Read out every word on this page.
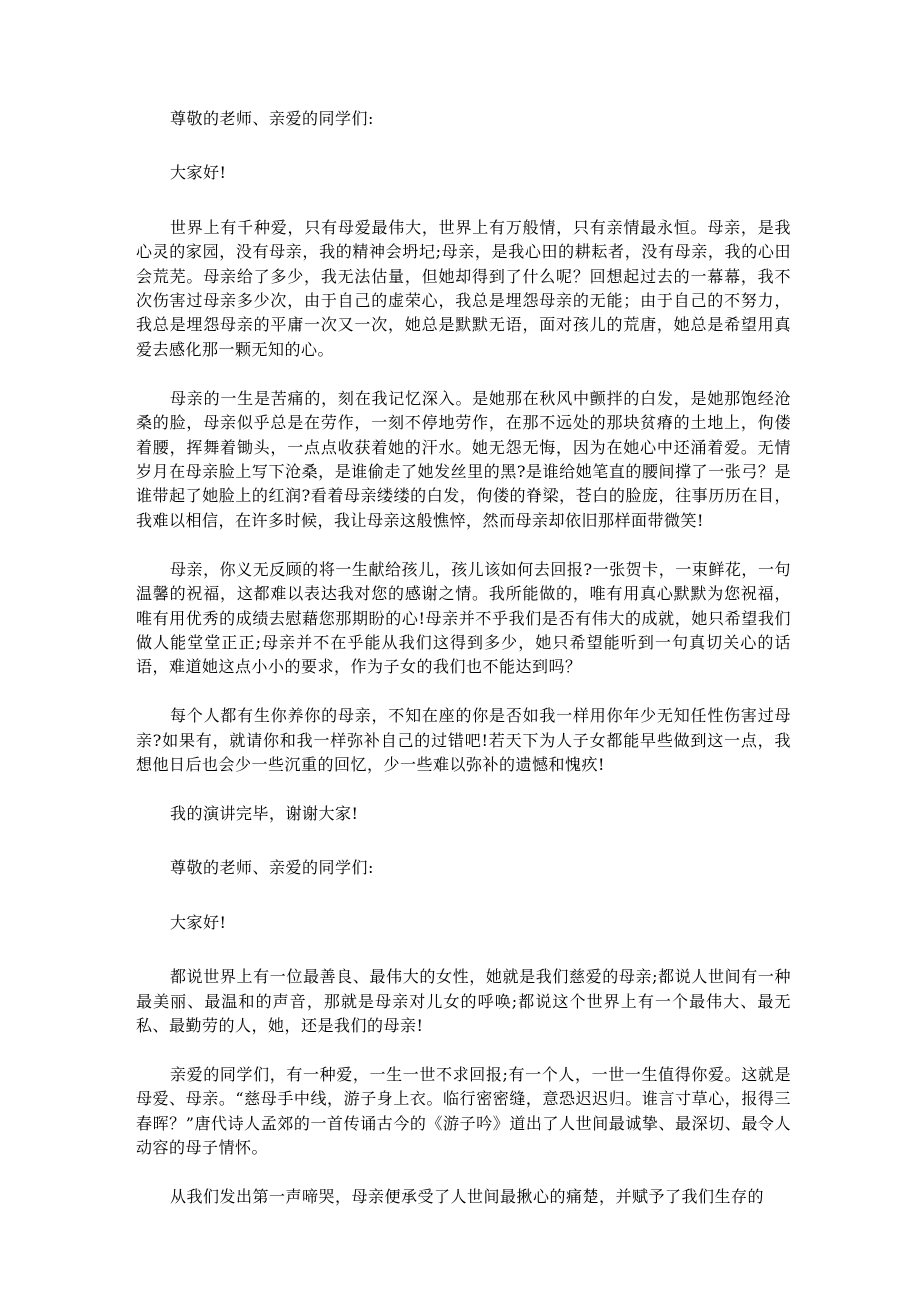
尊敬的老师、亲爱的同学们:

大家好!

世界上有千种爱，只有母爱最伟大，世界上有万般情，只有亲情最永恒。母亲，是我心灵的家园，没有母亲，我的精神会坍圮;母亲，是我心田的耕耘者，没有母亲，我的心田会荒芜。母亲给了多少，我无法估量，但她却得到了什么呢？回想起过去的一幕幕，我不次伤害过母亲多少次，由于自己的虚荣心，我总是埋怨母亲的无能；由于自己的不努力，我总是埋怨母亲的平庸一次又一次，她总是默默无语，面对孩儿的荒唐，她总是希望用真爱去感化那一颗无知的心。

母亲的一生是苦痛的，刻在我记忆深入。是她那在秋风中颤拌的白发，是她那饱经沧桑的脸，母亲似乎总是在劳作，一刻不停地劳作，在那不远处的那块贫瘠的土地上，佝偻着腰，挥舞着锄头，一点点收获着她的汗水。她无怨无悔，因为在她心中还涌着爱。无情岁月在母亲脸上写下沧桑，是谁偷走了她发丝里的黑?是谁给她笔直的腰间撑了一张弓？是谁带起了她脸上的红润?看着母亲缕缕的白发，佝偻的脊梁，苍白的脸庞，往事历历在目，我难以相信，在许多时候，我让母亲这般憔悴，然而母亲却依旧那样面带微笑!

母亲，你义无反顾的将一生献给孩儿，孩儿该如何去回报?一张贺卡，一束鲜花，一句温馨的祝福，这都难以表达我对您的感谢之情。我所能做的，唯有用真心默默为您祝福，唯有用优秀的成绩去慰藉您那期盼的心!母亲并不乎我们是否有伟大的成就，她只希望我们做人能堂堂正正;母亲并不在乎能从我们这得到多少，她只希望能听到一句真切关心的话语，难道她这点小小的要求，作为子女的我们也不能达到吗？

每个人都有生你养你的母亲，不知在座的你是否如我一样用你年少无知任性伤害过母亲?如果有，就请你和我一样弥补自己的过错吧!若天下为人子女都能早些做到这一点，我想他日后也会少一些沉重的回忆，少一些难以弥补的遗憾和愧疚!

我的演讲完毕，谢谢大家!

尊敬的老师、亲爱的同学们:

大家好!

都说世界上有一位最善良、最伟大的女性，她就是我们慈爱的母亲;都说人世间有一种最美丽、最温和的声音，那就是母亲对儿女的呼唤;都说这个世界上有一个最伟大、最无私、最勤劳的人，她，还是我们的母亲!

亲爱的同学们，有一种爱，一生一世不求回报;有一个人，一世一生值得你爱。这就是母爱、母亲。“慈母手中线，游子身上衣。临行密密缝，意恐迟迟归。谁言寸草心，报得三春晖？”唐代诗人孟郊的一首传诵古今的《游子吟》道出了人世间最诚挚、最深切、最令人动容的母子情怀。

从我们发出第一声啼哭，母亲便承受了人世间最揪心的痛楚，并赋予了我们生存的
